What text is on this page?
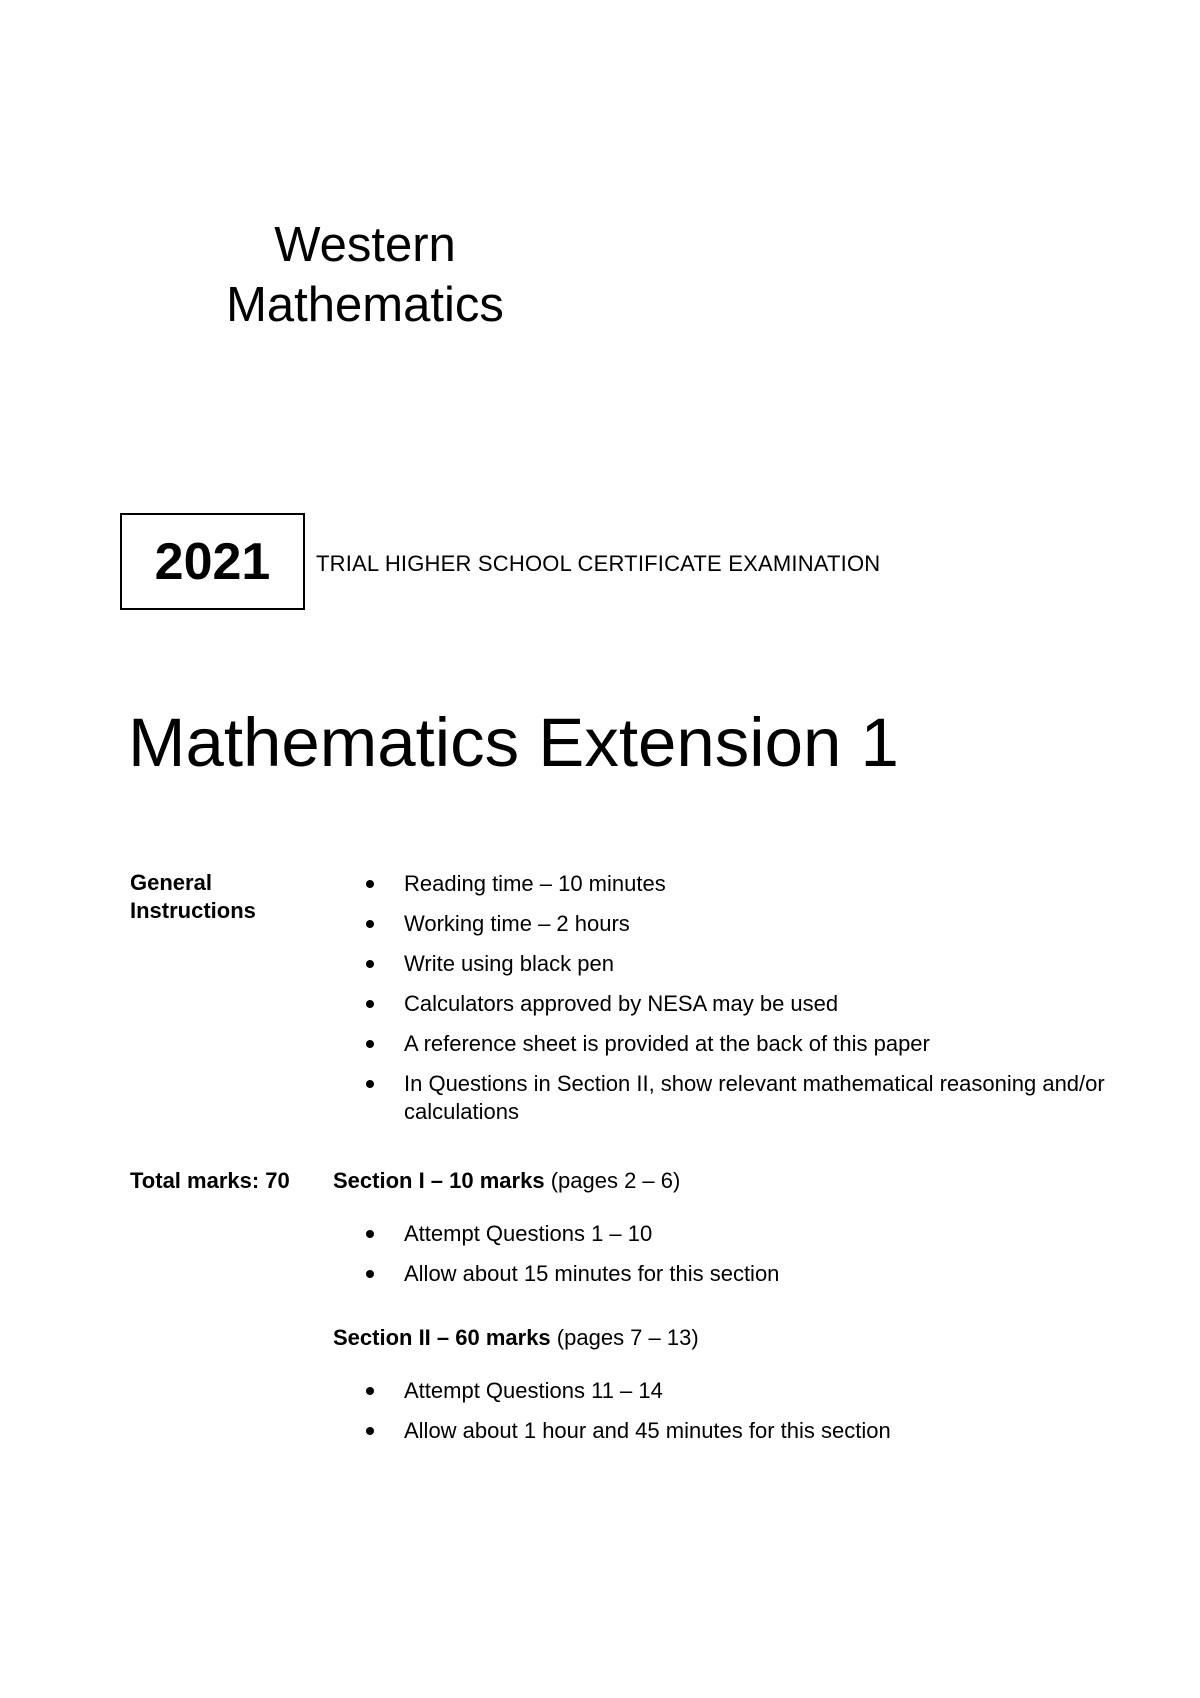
Western
Mathematics
2021 TRIAL HIGHER SCHOOL CERTIFICATE EXAMINATION
Mathematics Extension 1
General Instructions
Reading time – 10 minutes
Working time – 2 hours
Write using black pen
Calculators approved by NESA may be used
A reference sheet is provided at the back of this paper
In Questions in Section II, show relevant mathematical reasoning and/or calculations
Total marks: 70 Section I – 10 marks (pages 2 – 6)
Attempt Questions 1 – 10
Allow about 15 minutes for this section
Section II – 60 marks (pages 7 – 13)
Attempt Questions 11 – 14
Allow about 1 hour and 45 minutes for this section
